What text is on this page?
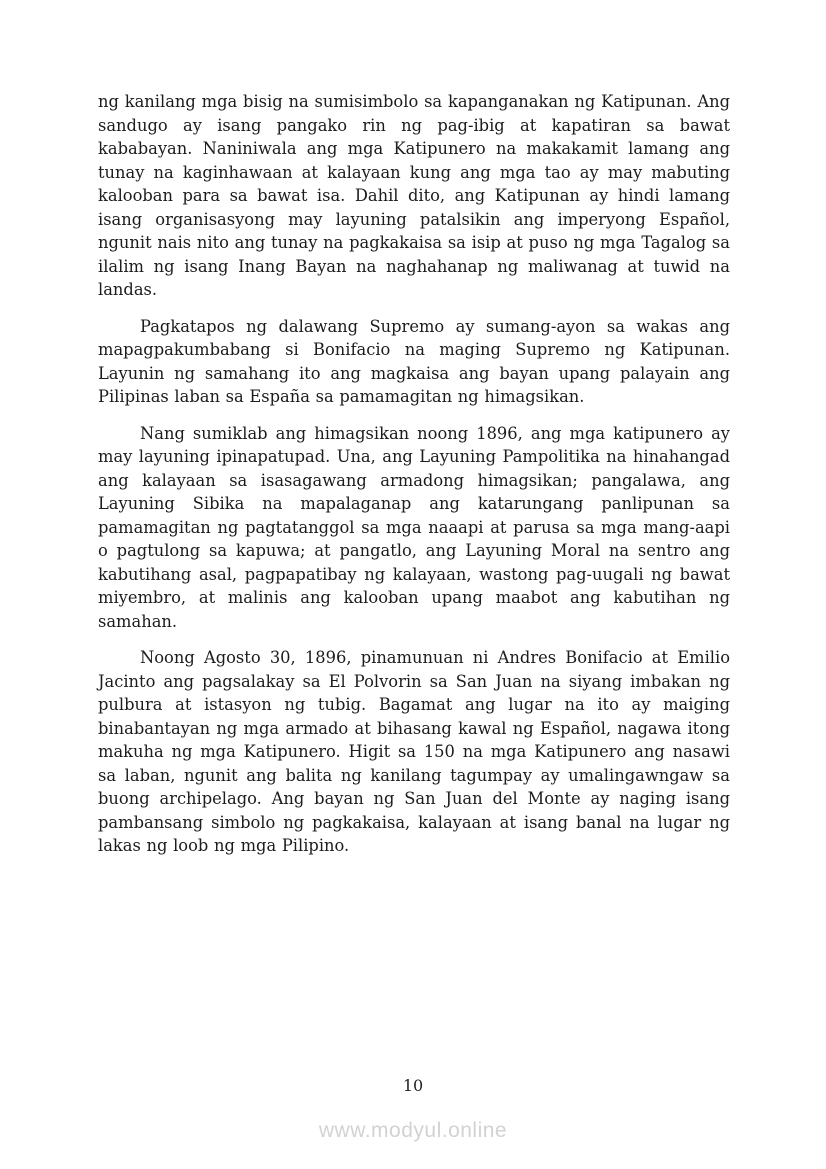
ng kanilang mga bisig na sumisimbolo sa kapanganakan ng Katipunan. Ang sandugo ay isang pangako rin ng pag-ibig at kapatiran sa bawat kababayan. Naniniwala ang mga Katipunero na makakamit lamang ang tunay na kaginhawaan at kalayaan kung ang mga tao ay may mabuting kalooban para sa bawat isa. Dahil dito, ang Katipunan ay hindi lamang isang organisasyong may layuning patalsikin ang imperyong Español, ngunit nais nito ang tunay na pagkakaisa sa isip at puso ng mga Tagalog sa ilalim ng isang Inang Bayan na naghahanap ng maliwanag at tuwid na landas.

Pagkatapos ng dalawang Supremo ay sumang-ayon sa wakas ang mapagpakumbabang si Bonifacio na maging Supremo ng Katipunan. Layunin ng samahang ito ang magkaisa ang bayan upang palayain ang Pilipinas laban sa España sa pamamagitan ng himagsikan.

Nang sumiklab ang himagsikan noong 1896, ang mga katipunero ay may layuning ipinapatupad. Una, ang Layuning Pampolitika na hinahangad ang kalayaan sa isasagawang armadong himagsikan; pangalawa, ang Layuning Sibika na mapalaganap ang katarungang panlipunan sa pamamagitan ng pagtatanggol sa mga naaapi at parusa sa mga mang-aapi o pagtulong sa kapuwa; at pangatlo, ang Layuning Moral na sentro ang kabutihang asal, pagpapatibay ng kalayaan, wastong pag-uugali ng bawat miyembro, at malinis ang kalooban upang maabot ang kabutihan ng samahan.

Noong Agosto 30, 1896, pinamunuan ni Andres Bonifacio at Emilio Jacinto ang pagsalakay sa El Polvorin sa San Juan na siyang imbakan ng pulbura at istasyon ng tubig. Bagamat ang lugar na ito ay maiging binabantayan ng mga armado at bihasang kawal ng Español, nagawa itong makuha ng mga Katipunero. Higit sa 150 na mga Katipunero ang nasawi sa laban, ngunit ang balita ng kanilang tagumpay ay umalingawngaw sa buong archipelago. Ang bayan ng San Juan del Monte ay naging isang pambansang simbolo ng pagkakaisa, kalayaan at isang banal na lugar ng lakas ng loob ng mga Pilipino.

10
www.modyul.online
